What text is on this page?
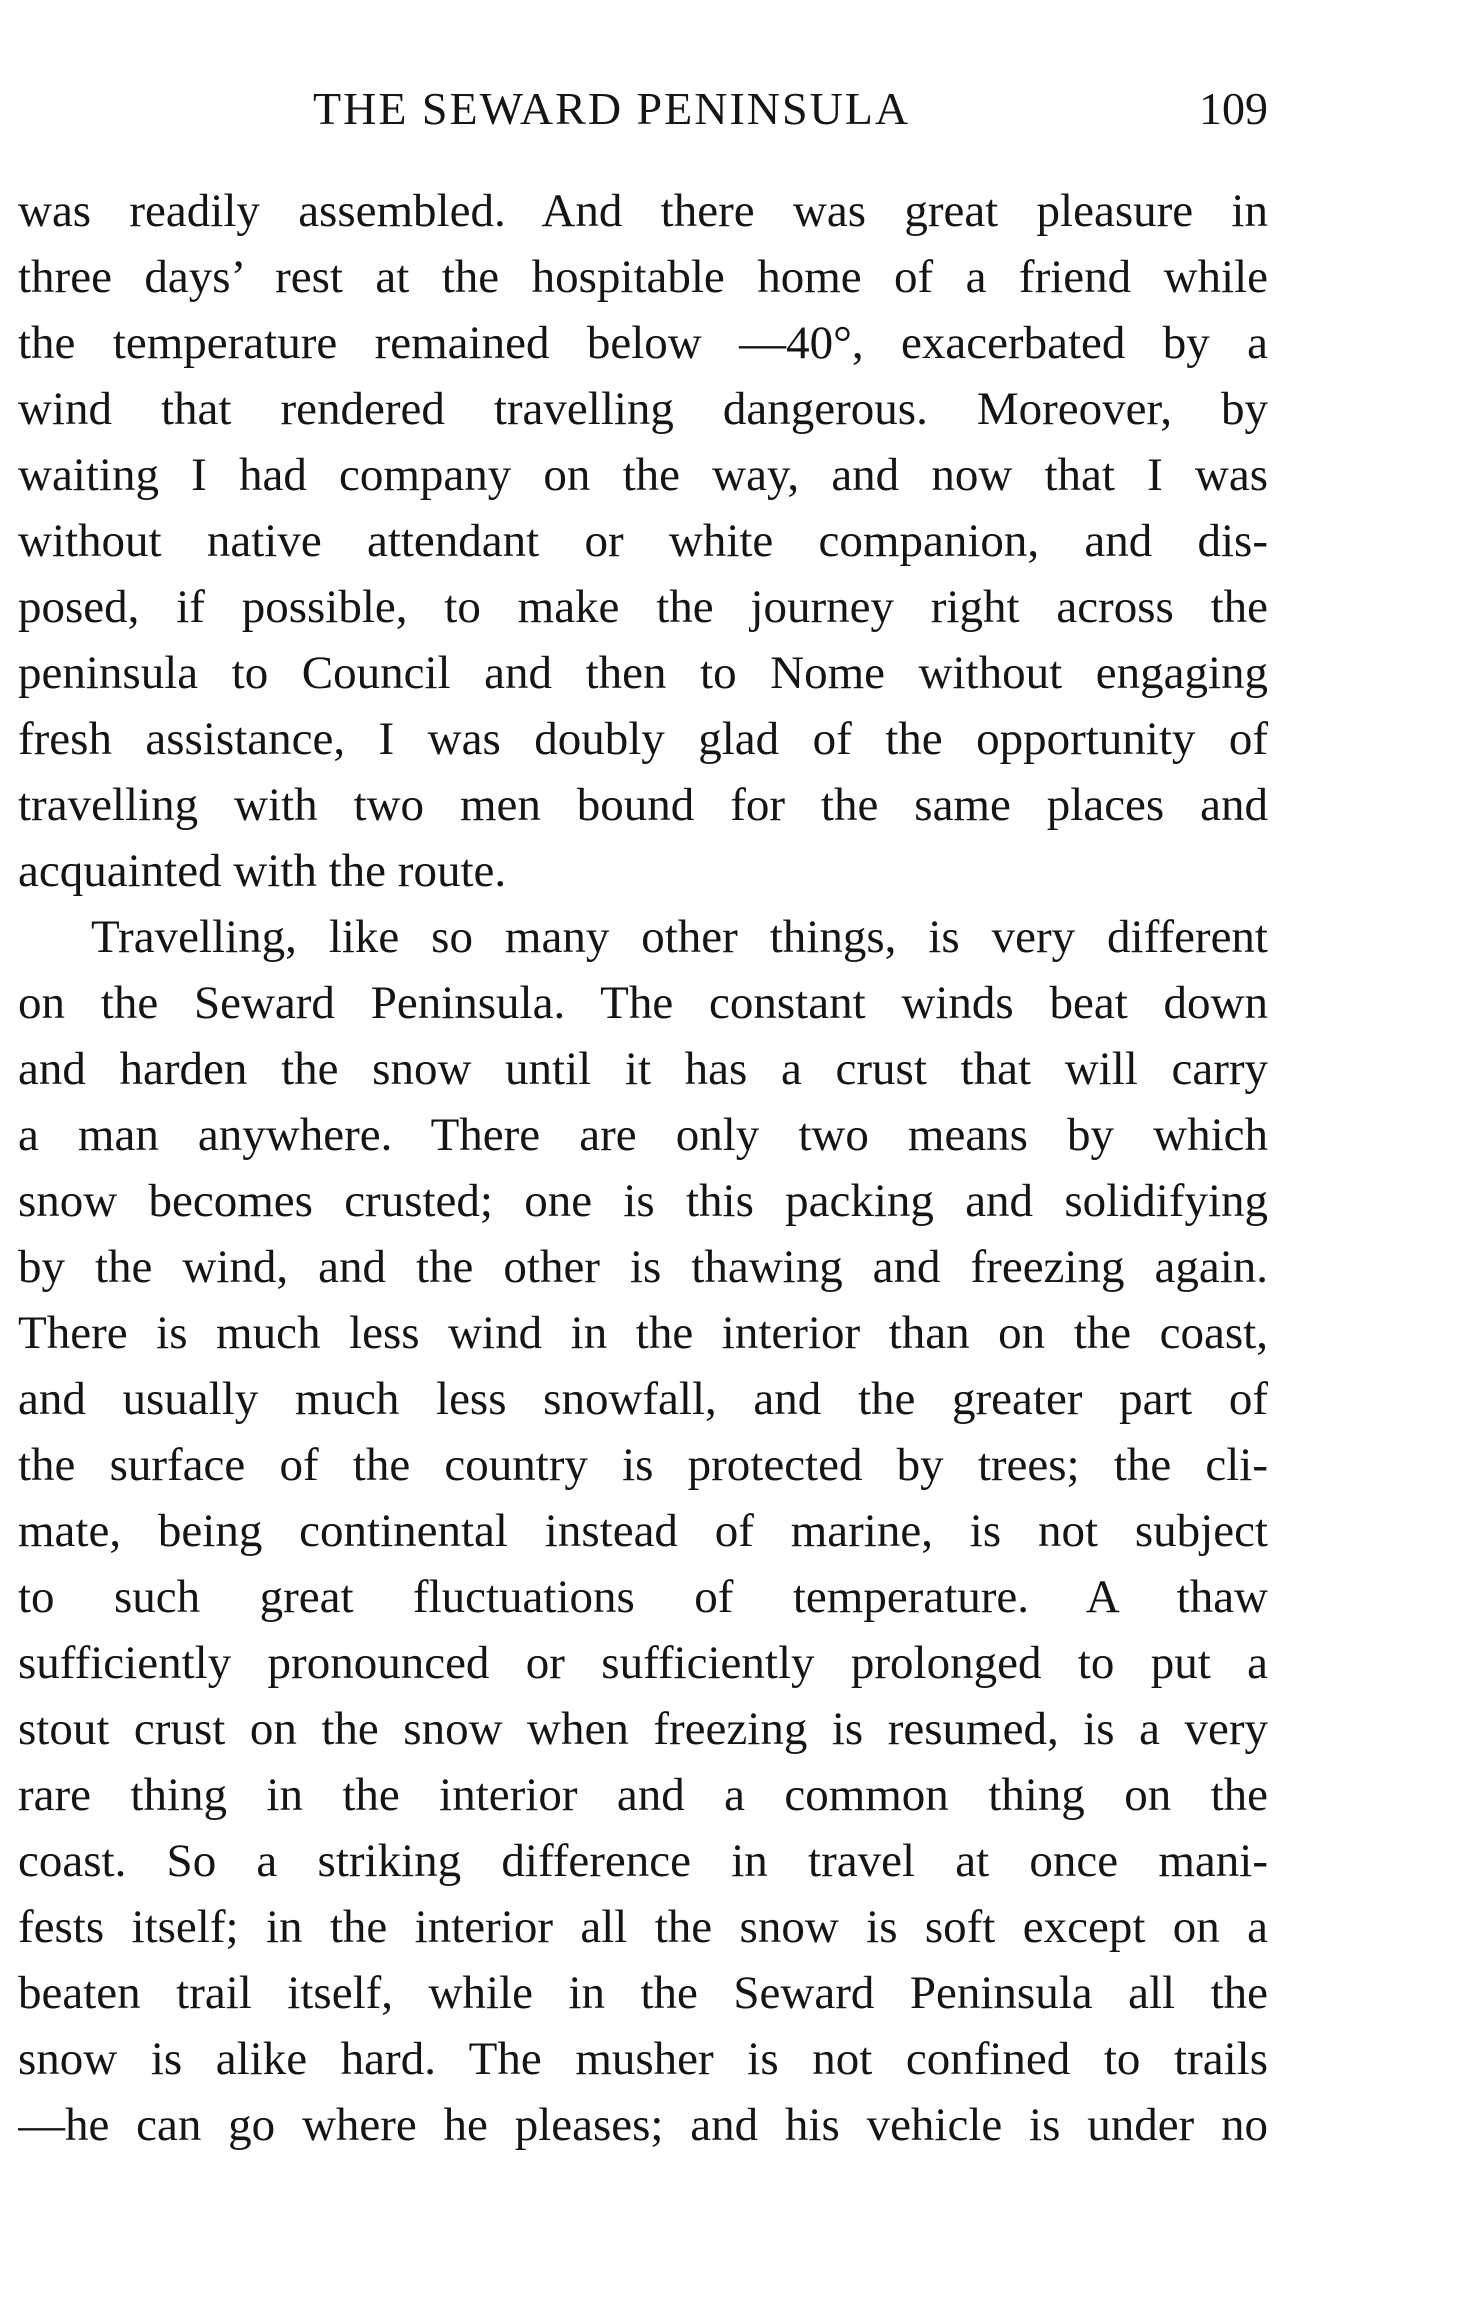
THE SEWARD PENINSULA	109
was readily assembled. And there was great pleasure in
three days’ rest at the hospitable home of a friend while
the temperature remained below —40°, exacerbated by a
wind that rendered travelling dangerous. Moreover, by
waiting I had company on the way, and now that I was
without native attendant or white companion, and dis-
posed, if possible, to make the journey right across the
peninsula to Council and then to Nome without engaging
fresh assistance, I was doubly glad of the opportunity of
travelling with two men bound for the same places and
acquainted with the route.
Travelling, like so many other things, is very different
on the Seward Peninsula. The constant winds beat down
and harden the snow until it has a crust that will carry
a man anywhere. There are only two means by which
snow becomes crusted; one is this packing and solidifying
by the wind, and the other is thawing and freezing again.
There is much less wind in the interior than on the coast,
and usually much less snowfall, and the greater part of
the surface of the country is protected by trees; the cli-
mate, being continental instead of marine, is not subject
to such great fluctuations of temperature. A thaw
sufficiently pronounced or sufficiently prolonged to put a
stout crust on the snow when freezing is resumed, is a very
rare thing in the interior and a common thing on the
coast. So a striking difference in travel at once mani-
fests itself; in the interior all the snow is soft except on a
beaten trail itself, while in the Seward Peninsula all the
snow is alike hard. The musher is not confined to trails
—he can go where he pleases; and his vehicle is under no
